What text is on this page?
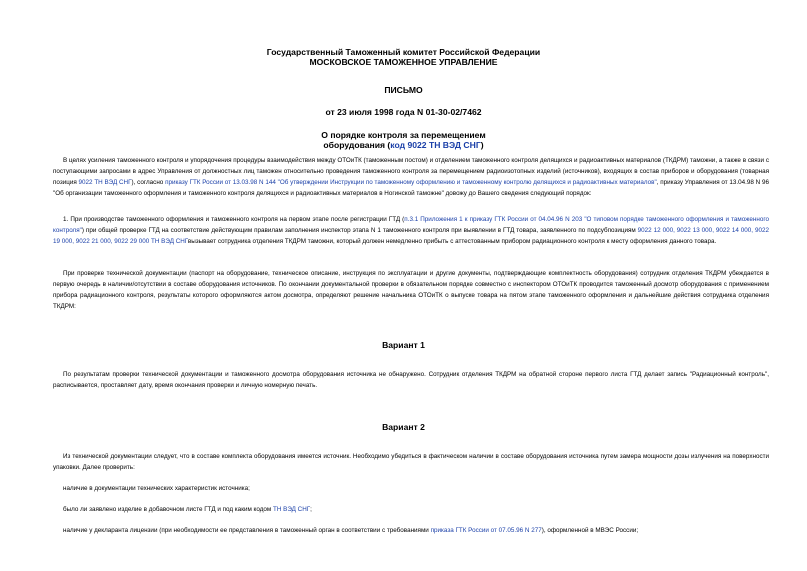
Государственный Таможенный комитет Российской Федерации

МОСКОВСКОЕ ТАМОЖЕННОЕ УПРАВЛЕНИЕ

ПИСЬМО

от 23 июля 1998 года N 01-30-02/7462

О порядке контроля за перемещением

оборудования (код 9022 ТН ВЭД СНГ)

В целях усиления таможенного контроля и упорядочения процедуры взаимодействия между ОТОиТК (таможенным постом) и отделением таможенного контроля делящихся и радиоактивных материалов (ТКДРМ) таможни, а также в связи с поступающими запросами в адрес Управления от должностных лиц таможен относительно проведения таможенного контроля за перемещением радиоизотопных изделий (источников), входящих в состав приборов и оборудования (товарная позиция 9022 ТН ВЭД СНГ), согласно приказу ГТК России от 13.03.98 N 144 "Об утверждении Инструкции по таможенному оформлению и таможенному контролю делящихся и радиоактивных материалов", приказу Управления от 13.04.98 N 96 "Об организации таможенного оформления и таможенного контроля делящихся и радиоактивных материалов в Ногинской таможне" довожу до Вашего сведения следующий порядок:

1. При производстве таможенного оформления и таможенного контроля на первом этапе после регистрации ГТД (п.3.1 Приложения 1 к приказу ГТК России от 04.04.96 N 203 "О типовом порядке таможенного оформления и таможенного контроля") при общей проверке ГТД на соответствие действующим правилам заполнения инспектор этапа N 1 таможенного контроля при выявлении в ГТД товара, заявленного по подсубпозициям 9022 12 000, 9022 13 000, 9022 14 000, 9022 19 000, 9022 21 000, 9022 29 000 ТН ВЭД СНГвызывает сотрудника отделения ТКДРМ таможни, который должен немедленно прибыть с аттестованным прибором радиационного контроля к месту оформления данного товара.

При проверке технической документации (паспорт на оборудование, техническое описание, инструкция по эксплуатации и другие документы, подтверждающие комплектность оборудования) сотрудник отделения ТКДРМ убеждается в первую очередь в наличии/отсутствии в составе оборудования источников. По окончании документальной проверки в обязательном порядке совместно с инспектором ОТОиТК проводится таможенный досмотр оборудования с применением прибора радиационного контроля, результаты которого оформляются актом досмотра, определяют решение начальника ОТОиТК о выпуске товара на пятом этапе таможенного оформления и дальнейшие действия сотрудника отделения ТКДРМ:

Вариант 1

По результатам проверки технической документации и таможенного досмотра оборудования источника не обнаружено. Сотрудник отделения ТКДРМ на обратной стороне первого листа ГТД делает запись "Радиационный контроль", расписывается, проставляет дату, время окончания проверки и личную номерную печать.

Вариант 2

Из технической документации следует, что в составе комплекта оборудования имеется источник. Необходимо убедиться в фактическом наличии в составе оборудования источника путем замера мощности дозы излучения на поверхности упаковки. Далее проверить:

наличие в документации технических характеристик источника;

было ли заявлено изделие в добавочном листе ГТД и под каким кодом ТН ВЭД СНГ;

наличие у декларанта лицензии (при необходимости ее представления в таможенный орган в соответствии с требованиями приказа ГТК России от 07.05.96 N 277), оформленной в МВЭС России;
